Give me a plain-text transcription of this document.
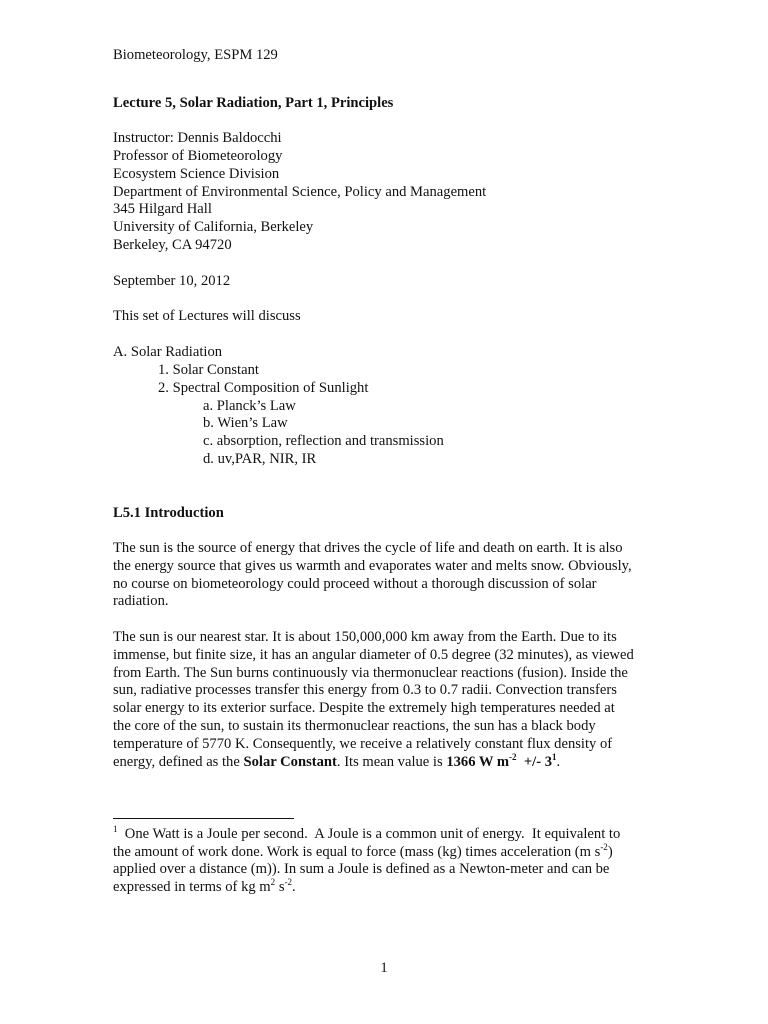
Biometeorology, ESPM 129
Lecture 5, Solar Radiation, Part 1, Principles
Instructor: Dennis Baldocchi
Professor of Biometeorology
Ecosystem Science Division
Department of Environmental Science, Policy and Management
345 Hilgard Hall
University of California, Berkeley
Berkeley, CA 94720
September 10, 2012
This set of Lectures will discuss
A. Solar Radiation
1. Solar Constant
2. Spectral Composition of Sunlight
a. Planck’s Law
b. Wien’s Law
c. absorption, reflection and transmission
d. uv,PAR, NIR, IR
L5.1 Introduction
The sun is the source of energy that drives the cycle of life and death on earth. It is also
the energy source that gives us warmth and evaporates water and melts snow. Obviously,
no course on biometeorology could proceed without a thorough discussion of solar
radiation.
The sun is our nearest star. It is about 150,000,000 km away from the Earth. Due to its
immense, but finite size, it has an angular diameter of 0.5 degree (32 minutes), as viewed
from Earth. The Sun burns continuously via thermonuclear reactions (fusion). Inside the
sun, radiative processes transfer this energy from 0.3 to 0.7 radii. Convection transfers
solar energy to its exterior surface. Despite the extremely high temperatures needed at
the core of the sun, to sustain its thermonuclear reactions, the sun has a black body
temperature of 5770 K. Consequently, we receive a relatively constant flux density of
energy, defined as the Solar Constant. Its mean value is 1366 W $m^{-2}$  +/- $3^1$.
$^1$  One Watt is a Joule per second.  A Joule is a common unit of energy.  It equivalent to
the amount of work done. Work is equal to force (mass (kg) times acceleration (m $s^{-2}$)
applied over a distance (m)). In sum a Joule is defined as a Newton-meter and can be
expressed in terms of kg $m^2$ $s^{-2}$.
1
